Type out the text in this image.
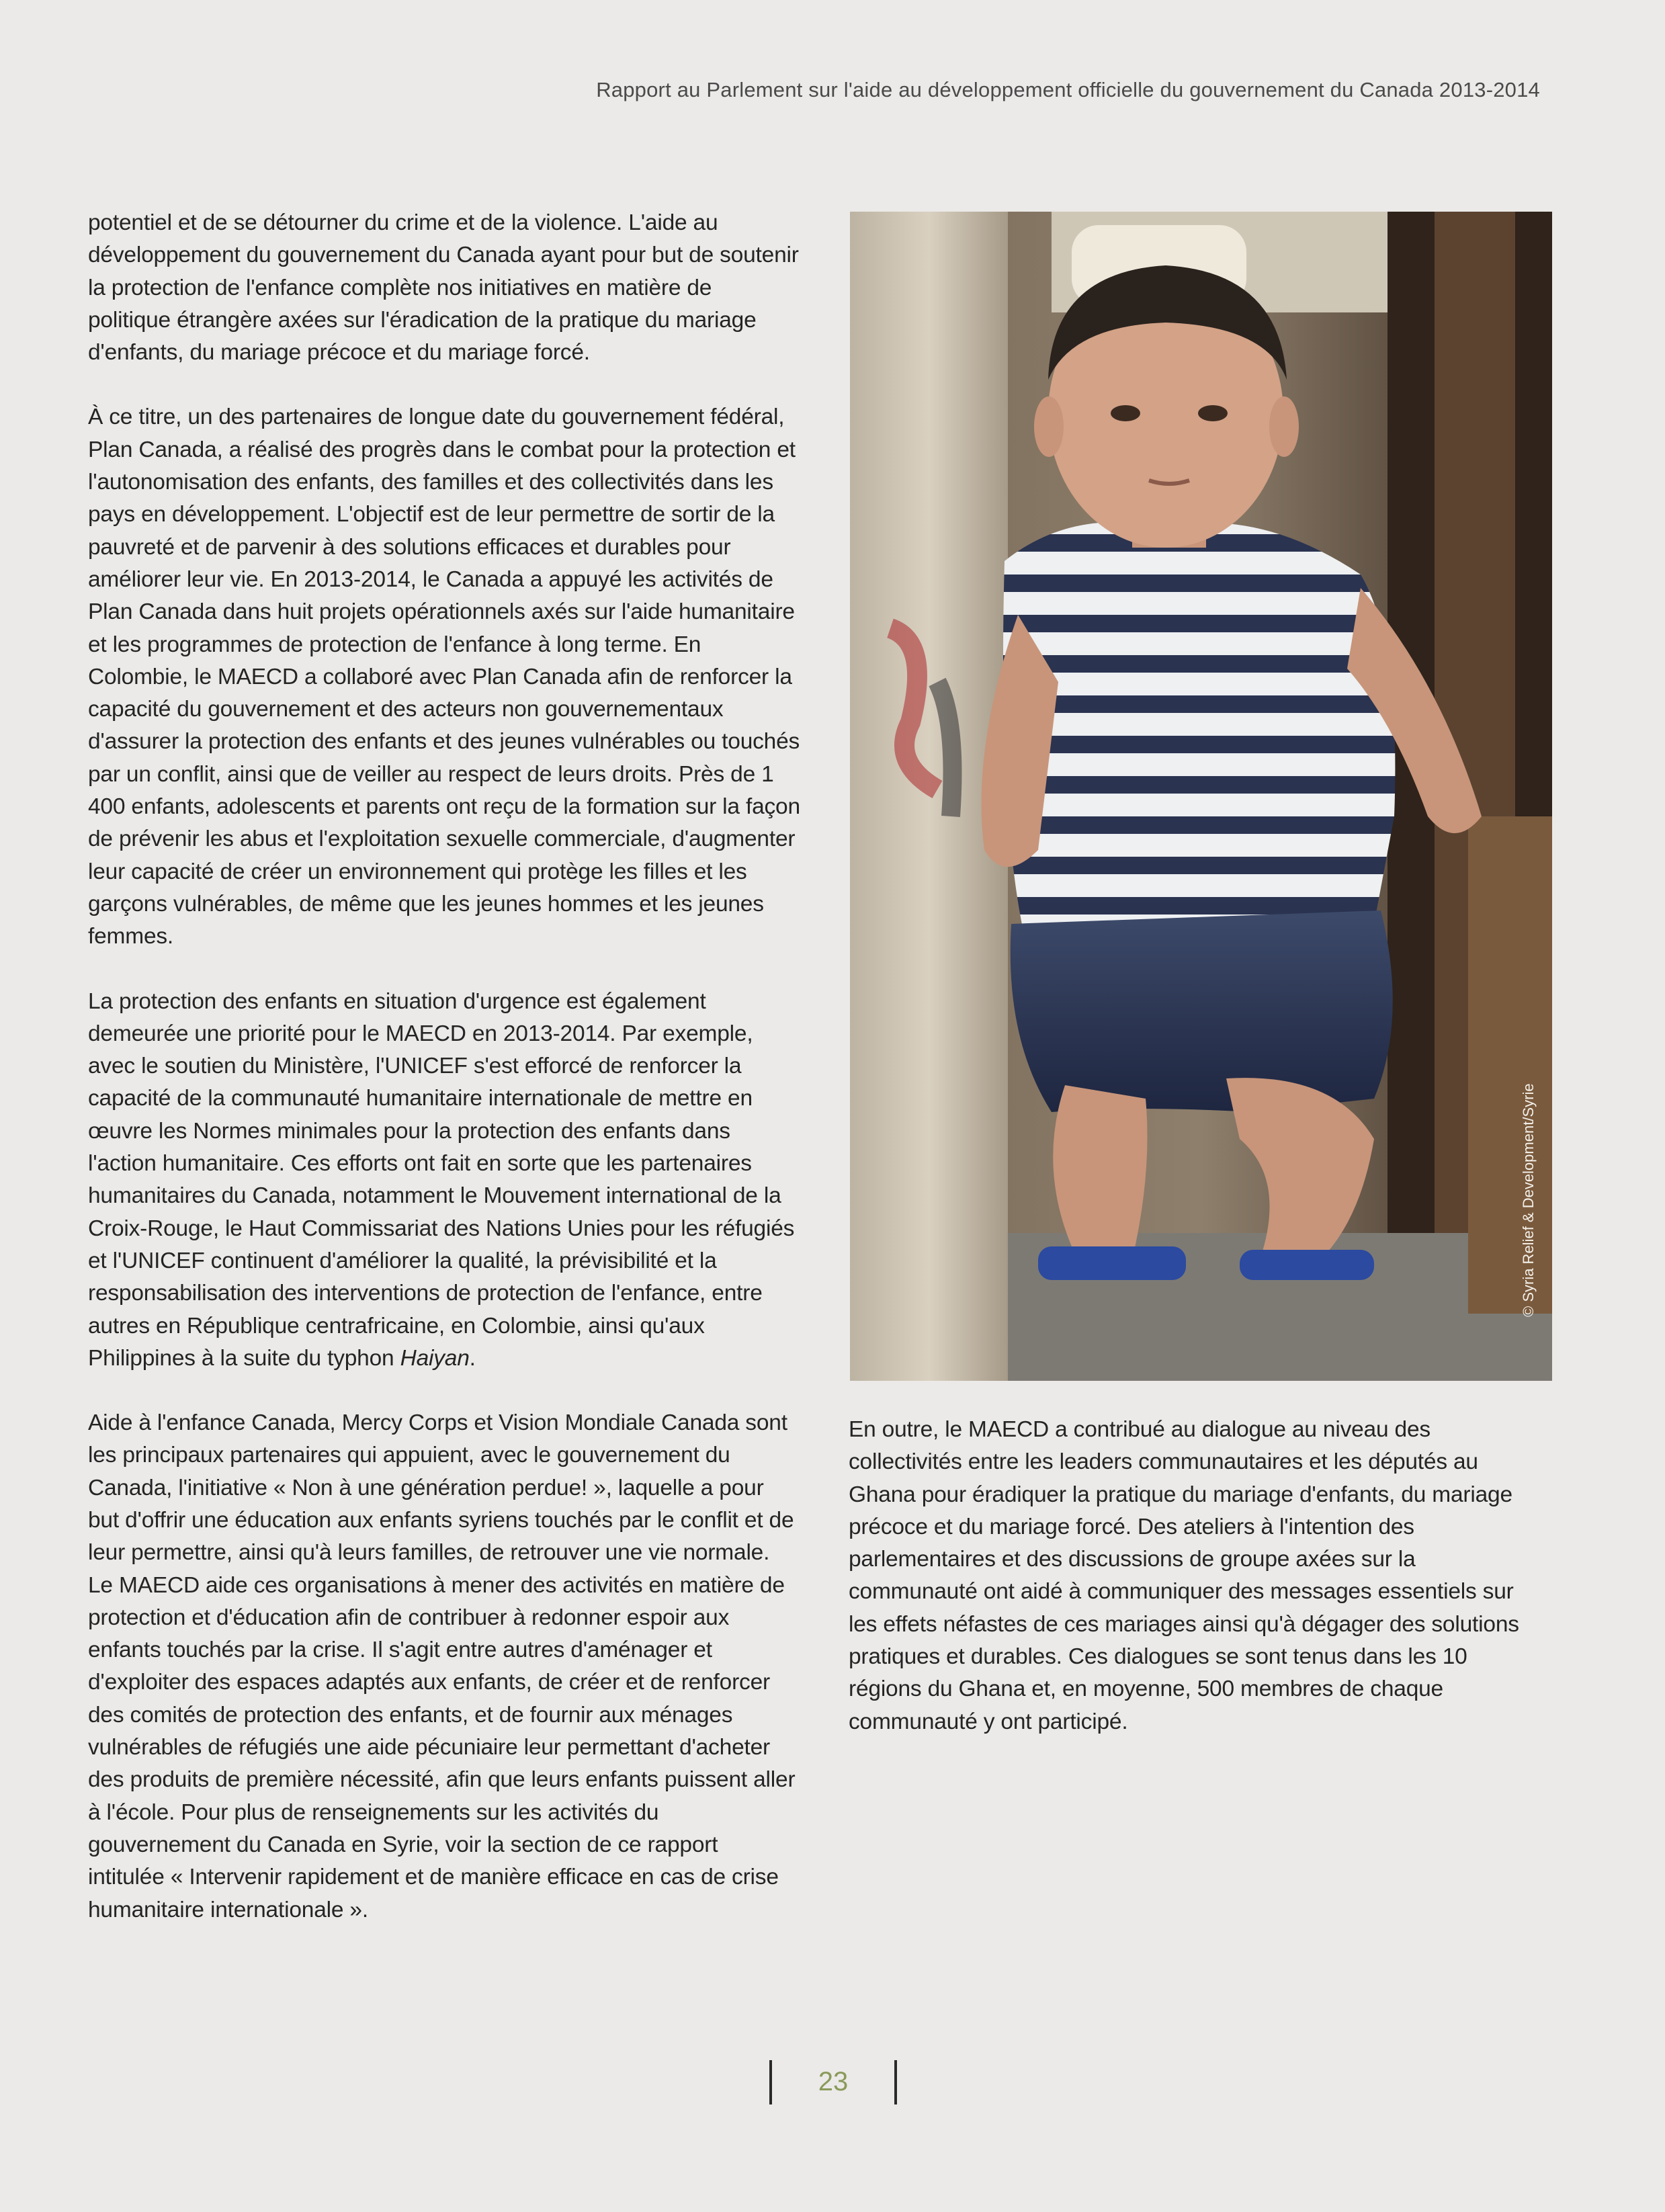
Rapport au Parlement sur l'aide au développement officielle du gouvernement du Canada 2013-2014

potentiel et de se détourner du crime et de la violence. L'aide au développement du gouvernement du Canada ayant pour but de soutenir la protection de l'enfance complète nos initiatives en matière de politique étrangère axées sur l'éradication de la pratique du mariage d'enfants, du mariage précoce et du mariage forcé.

À ce titre, un des partenaires de longue date du gouvernement fédéral, Plan Canada, a réalisé des progrès dans le combat pour la protection et l'autonomisation des enfants, des familles et des collectivités dans les pays en développement. L'objectif est de leur permettre de sortir de la pauvreté et de parvenir à des solutions efficaces et durables pour améliorer leur vie. En 2013-2014, le Canada a appuyé les activités de Plan Canada dans huit projets opérationnels axés sur l'aide humanitaire et les programmes de protection de l'enfance à long terme. En Colombie, le MAECD a collaboré avec Plan Canada afin de renforcer la capacité du gouvernement et des acteurs non gouvernementaux d'assurer la protection des enfants et des jeunes vulnérables ou touchés par un conflit, ainsi que de veiller au respect de leurs droits. Près de 1 400 enfants, adolescents et parents ont reçu de la formation sur la façon de prévenir les abus et l'exploitation sexuelle commerciale, d'augmenter leur capacité de créer un environnement qui protège les filles et les garçons vulnérables, de même que les jeunes hommes et les jeunes femmes.

La protection des enfants en situation d'urgence est également demeurée une priorité pour le MAECD en 2013-2014. Par exemple, avec le soutien du Ministère, l'UNICEF s'est efforcé de renforcer la capacité de la communauté humanitaire internationale de mettre en œuvre les Normes minimales pour la protection des enfants dans l'action humanitaire. Ces efforts ont fait en sorte que les partenaires humanitaires du Canada, notamment le Mouvement international de la Croix-Rouge, le Haut Commissariat des Nations Unies pour les réfugiés et l'UNICEF continuent d'améliorer la qualité, la prévisibilité et la responsabilisation des interventions de protection de l'enfance, entre autres en République centrafricaine, en Colombie, ainsi qu'aux Philippines à la suite du typhon Haiyan.

Aide à l'enfance Canada, Mercy Corps et Vision Mondiale Canada sont les principaux partenaires qui appuient, avec le gouvernement du Canada, l'initiative « Non à une génération perdue! », laquelle a pour but d'offrir une éducation aux enfants syriens touchés par le conflit et de leur permettre, ainsi qu'à leurs familles, de retrouver une vie normale. Le MAECD aide ces organisations à mener des activités en matière de protection et d'éducation afin de contribuer à redonner espoir aux enfants touchés par la crise. Il s'agit entre autres d'aménager et d'exploiter des espaces adaptés aux enfants, de créer et de renforcer des comités de protection des enfants, et de fournir aux ménages vulnérables de réfugiés une aide pécuniaire leur permettant d'acheter des produits de première nécessité, afin que leurs enfants puissent aller à l'école. Pour plus de renseignements sur les activités du gouvernement du Canada en Syrie, voir la section de ce rapport intitulée « Intervenir rapidement et de manière efficace en cas de crise humanitaire internationale ».

© Syria Relief & Development/Syrie

En outre, le MAECD a contribué au dialogue au niveau des collectivités entre les leaders communautaires et les députés au Ghana pour éradiquer la pratique du mariage d'enfants, du mariage précoce et du mariage forcé. Des ateliers à l'intention des parlementaires et des discussions de groupe axées sur la communauté ont aidé à communiquer des messages essentiels sur les effets néfastes de ces mariages ainsi qu'à dégager des solutions pratiques et durables. Ces dialogues se sont tenus dans les 10 régions du Ghana et, en moyenne, 500 membres de chaque communauté y ont participé.

23
